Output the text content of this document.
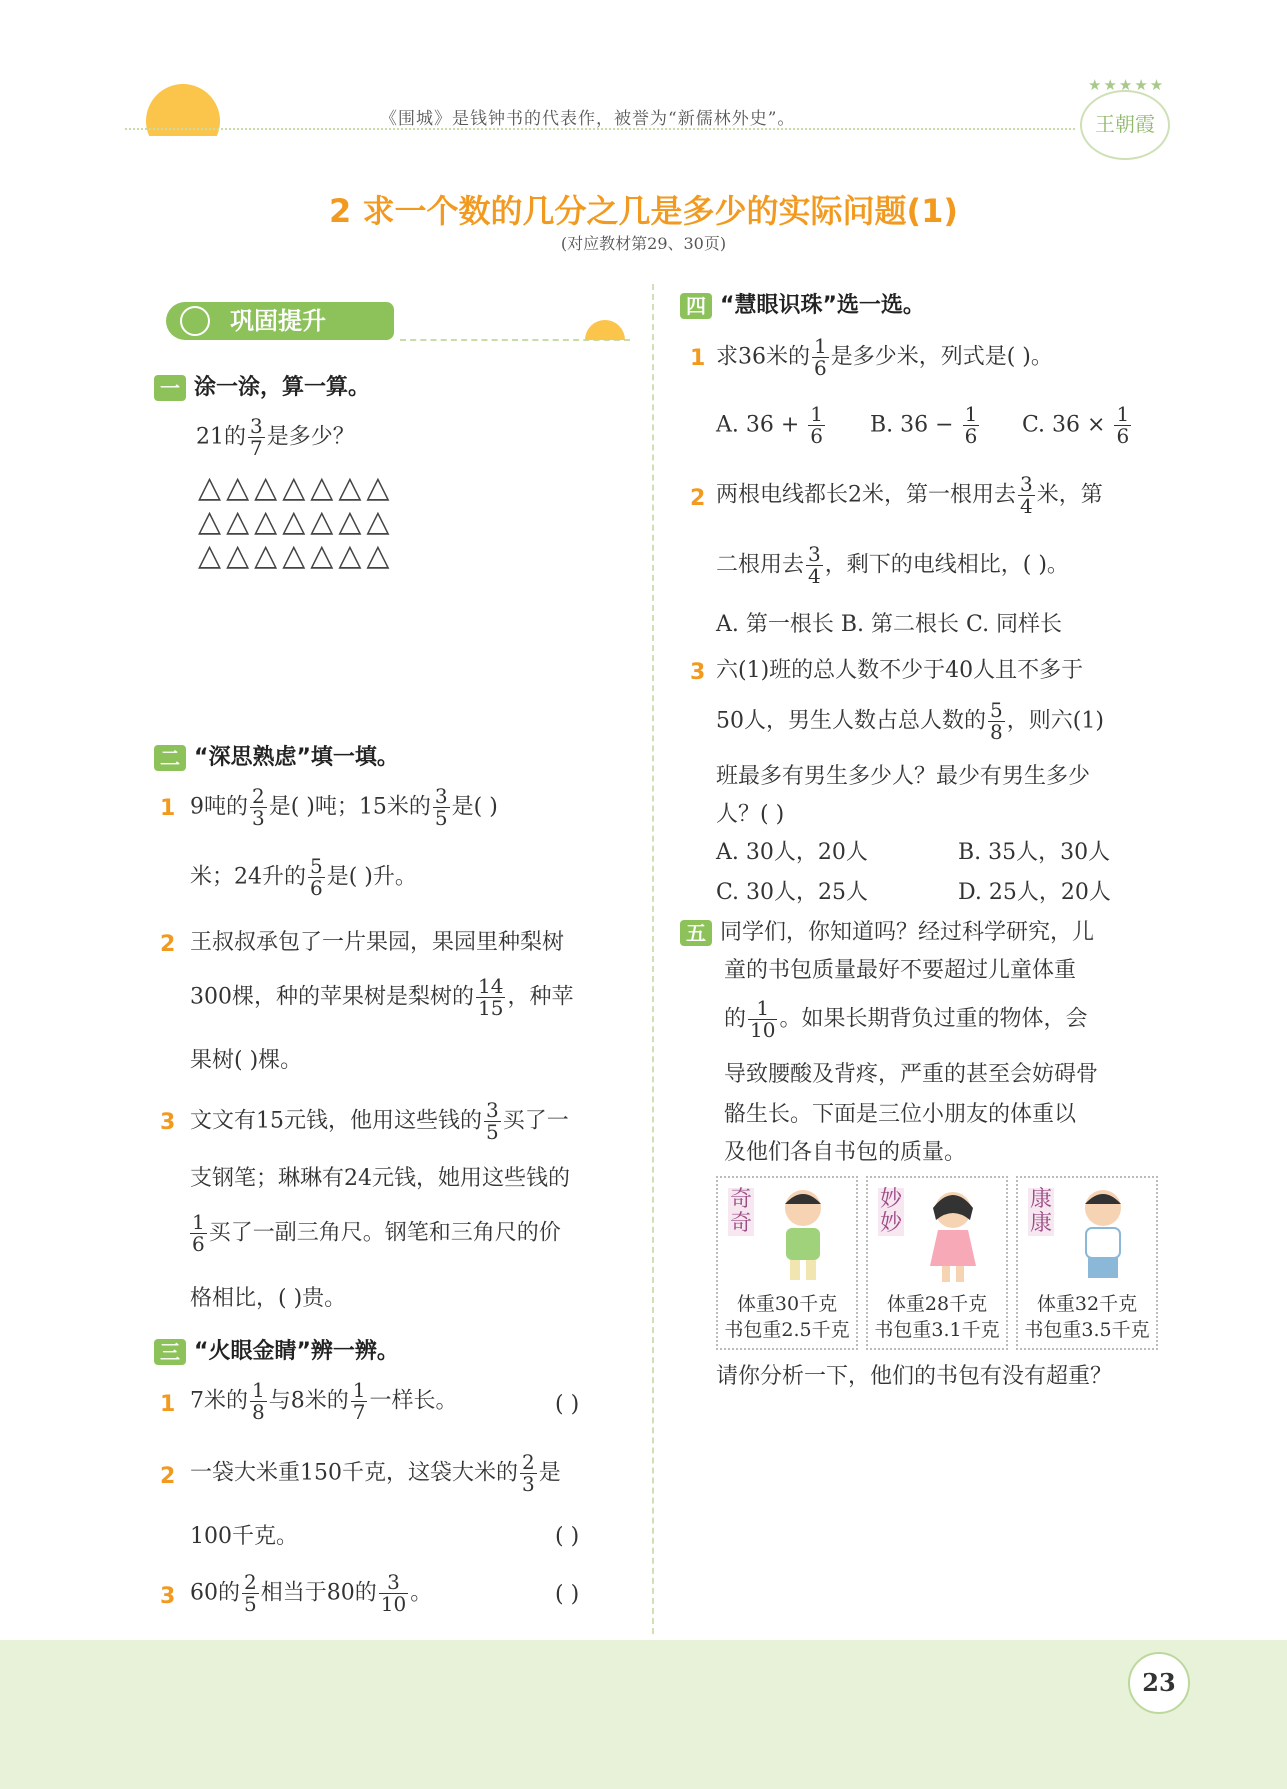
《围城》是钱钟书的代表作，被誉为“新儒林外史”。
★★★★★
王朝霞
2 求一个数的几分之几是多少的实际问题(1)
(对应教材第29、30页)
巩固提升
一 涂一涂，算一算。
21的 $\frac{3}{7}$ 是多少？
△△△△△△△
△△△△△△△
△△△△△△△
二 “深思熟虑”填一填。
1 9吨的 $\frac{2}{3}$ 是( )吨；15米的 $\frac{3}{5}$ 是( )
米；24升的 $\frac{5}{6}$ 是( )升。
2 王叔叔承包了一片果园，果园里种梨树
300棵，种的苹果树是梨树的 $\frac{14}{15}$ ，种苹
果树( )棵。
3 文文有15元钱，他用这些钱的 $\frac{3}{5}$ 买了一
支钢笔；琳琳有24元钱，她用这些钱的
$\frac{1}{6}$ 买了一副三角尺。钢笔和三角尺的价
格相比，( )贵。
三 “火眼金睛”辨一辨。
1 7米的 $\frac{1}{8}$ 与8米的 $\frac{1}{7}$ 一样长。	( )
2 一袋大米重150千克，这袋大米的 $\frac{2}{3}$ 是
100千克。	( )
3 60的 $\frac{2}{5}$ 相当于80的 $\frac{3}{10}$ 。	( )
四 “慧眼识珠”选一选。
1 求36米的 $\frac{1}{6}$ 是多少米，列式是( )。
A. $36 + \frac{1}{6} B$. $36 - \frac{1}{6} C$. $36 \times \frac{1}{6}$
2 两根电线都长2米，第一根用去 $\frac{3}{4}$ 米，第
二根用去 $\frac{3}{4}$ ，剩下的电线相比，( )。
A. 第一根长 B. 第二根长 C. 同样长
3 六(1)班的总人数不少于40人且不多于
50人，男生人数占总人数的 $\frac{5}{8}$ ，则六(1)
班最多有男生多少人？最少有男生多少
人？( )
A. 30人，20人	B. 35人，30人
C. 30人，25人	D. 25人，20人
五 同学们，你知道吗？经过科学研究，儿
童的书包质量最好不要超过儿童体重
的 $\frac{1}{10}$ 。如果长期背负过重的物体，会
导致腰酸及背疼，严重的甚至会妨碍骨
骼生长。下面是三位小朋友的体重以
及他们各自书包的质量。
奇奇
体重30千克
书包重2.5千克
妙妙
体重28千克
书包重3.1千克
康康
体重32千克
书包重3.5千克
请你分析一下，他们的书包有没有超重？
23
